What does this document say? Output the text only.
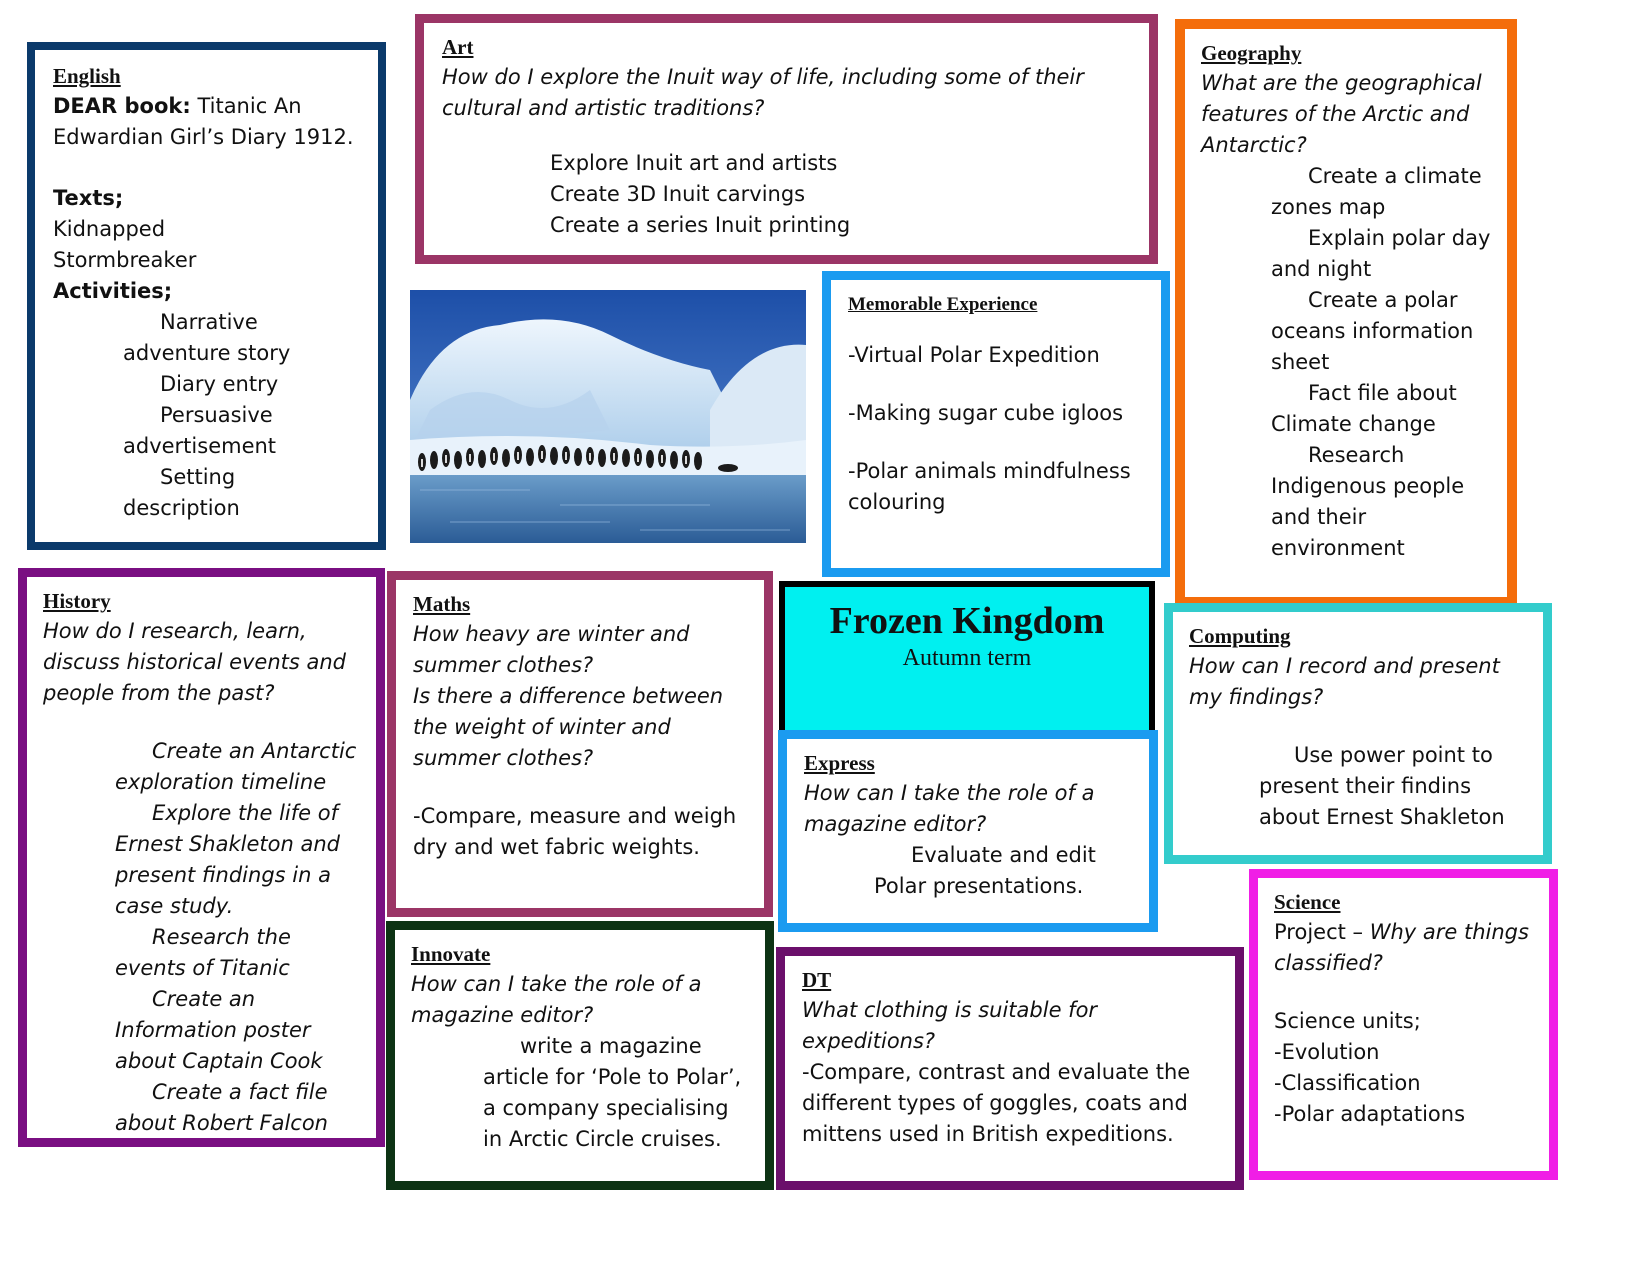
English

DEAR book: Titanic An Edwardian Girl’s Diary 1912.

Texts;

Kidnapped

Stormbreaker

Activities;

Narrative adventure story
Diary entry
Persuasive advertisement
Setting description

Art

How do I explore the Inuit way of life, including some of their cultural and artistic traditions?

Explore Inuit art and artists
Create 3D Inuit carvings
Create a series Inuit printing

Geography

What are the geographical features of the Arctic and Antarctic?

Create a climate zones map
Explain polar day and night
Create a polar oceans information sheet
Fact file about Climate change
Research Indigenous people and their environment

Memorable Experience

-Virtual Polar Expedition

-Making sugar cube igloos

-Polar animals mindfulness colouring

Frozen Kingdom
Autumn term

History

How do I research, learn, discuss historical events and people from the past?

Create an Antarctic exploration timeline
Explore the life of Ernest Shakleton and present findings in a case study.
Research the events of Titanic
Create an Information poster about Captain Cook
Create a fact file about Robert Falcon

Maths

How heavy are winter and summer clothes?

Is there a difference between the weight of winter and summer clothes?

-Compare, measure and weigh dry and wet fabric weights.

Computing

How can I record and present my findings?

Use power point to present their findins about Ernest Shakleton

Express

How can I take the role of a magazine editor?

Evaluate and edit Polar presentations.

Science

Project – Why are things classified?

Science units;

-Evolution

-Classification

-Polar adaptations

Innovate

How can I take the role of a magazine editor?

write a magazine article for ‘Pole to Polar’, a company specialising in Arctic Circle cruises.

DT

What clothing is suitable for expeditions?

-Compare, contrast and evaluate the different types of goggles, coats and mittens used in British expeditions.
